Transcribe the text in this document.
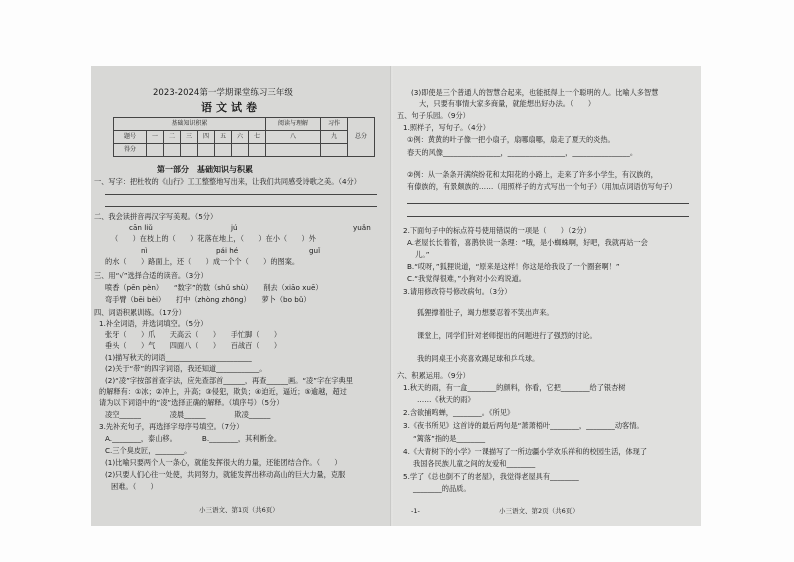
2023-2024第一学期课堂练习三年级
语文试卷
基础知识积累								阅读与理解	习作	总分
题号	一	二	三	四	五	六	七	八	九	
得分										
第一部分　基础知识与积累
一、写字：把杜牧的《山行》工工整整地写出来，让我们共同感受诗歌之美。（4分）
二、我会读拼音再汉字写美观。（5分）
cān liǔ	jú	yuǎn
（　　）在枝上的（　　）花落在地上，（　　）在小（　　）外
nì	pái hé	guǐ
的水（　　）路面上，还（　　）成一个个（　　）的图案。
三、用“√”选择合适的读音。（3分）
喷香（pēn pèn）　　“数字”的数（shǔ shù）　　削去（xiāo xuē）
弯手臂（bēi bèi）　　打中（zhòng zhōng）　　萝卜（bo bǔ）
四、词语积累训练。（17分）
1.补全词语，并选词填空。（5分）
张牙（　　）爪　　天高云（　　）　　手忙脚（　　）
垂头（　　）气　　四面八（　　）　　百战百（　　）
(1)描写秋天的词语________________________
(2)关于“带”的四字词语，我还知道____________。
(2)“凌”字按部首查字法，应先查部首______，再查______画。“凌”字在字典里
的解释有：①冰；②冲上，升高；③侵犯，欺负；④迫近，逼近；⑤逾越，超过
请为以下词语中的“凌”选择正确的解释。（填序号）（5分）
凌空______　　　　凌晨______　　　　欺凌______
3.先补充句子，再选择字母序号填空。（7分）
A.________，泰山移。　　　　B.________，其利断金。
C.三个臭皮匠，________。
(1)比喻只要两个人一条心，就能发挥很大的力量，还能团结合作。（　　）
(2)只要人们心往一处使，共同努力，就能发挥出移动高山的巨大力量，克服
困难。（　　）
小三语文、第1页（共6页）
(3)即使是三个普通人的智慧合起来，也能抵得上一个聪明的人。比喻人多智慧
大，只要有事情大家多商量，就能想出好办法。（　　）
五、句子乐园。（9分）
1.照样子，写句子。（4分）
①例：黄黄的叶子像一把小扇子，扇哪扇哪，扇走了夏天的炎热。
春天的风像________________，________________，________________。
②例：从一条条开满缤纷花和太阳花的小路上，走来了许多小学生，有汉族的，
有傣族的，有景颇族的……（用照样子的方式写出一个句子）（用加点词语仿写句子）
2.下面句子中的标点符号使用错误的一项是（　　）（2分）
A.老屋长长着着，喜鹊快说一条理：“哦，是小蜘蛛啊，好吧，我就再站一会
儿。”
B.“哎呀，”狐狸说道，“原来是这样！你这是给我设了一个圈套啊！”
C.“我觉得很难，”小狗对小公鸡说道。
3.请用修改符号修改病句。（3分）
狐狸撑着肚子，竭力想要忍着不笑出声来。
课堂上，同学们针对老师提出的问题进行了强烈的讨论。
我的同桌王小亮喜欢踢足球和乒乓球。
六、积累运用。（9分）
1.秋天的雨，有一盒________的颜料，你看，它把________给了银杏树
……《秋天的雨》
2.含欲捕鸣蝉，________。《所见》
3.《夜书所见》这首诗的最后两句是“萧萧梧叶________，________动客情。
“篱落”指的是________
4.《大青树下的小学》一课描写了一所边疆小学欢乐祥和的校园生活，体现了
我国各民族儿童之间的友爱和________
5.学了《总也倒不了的老屋》，我觉得老屋具有________
________的品质。
-1-	小三语文、第2页（共6页）
